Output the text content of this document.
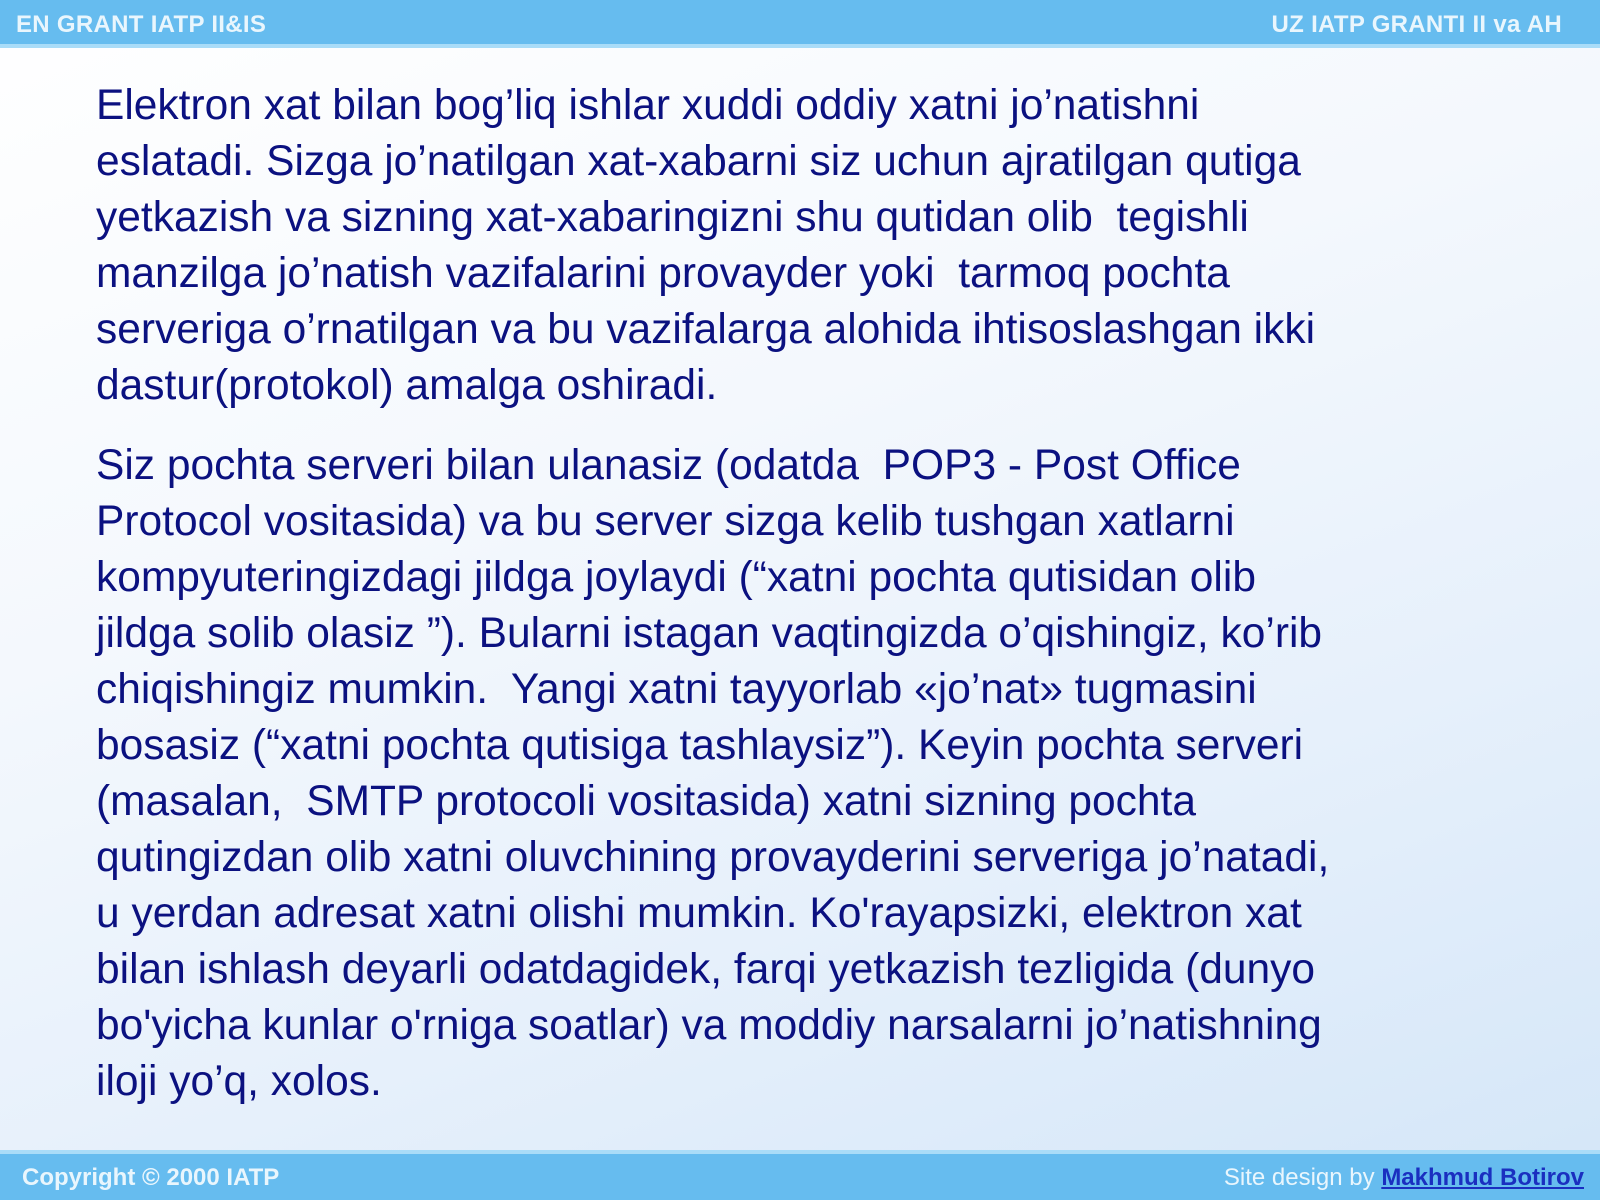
EN GRANT IATP II&IS	UZ IATP GRANTI II va AH

Elektron xat bilan bog’liq ishlar xuddi oddiy xatni jo’natishni
eslatadi. Sizga jo’natilgan xat-xabarni siz uchun ajratilgan qutiga
yetkazish va sizning xat-xabaringizni shu qutidan olib  tegishli
manzilga jo’natish vazifalarini provayder yoki  tarmoq pochta
serveriga o’rnatilgan va bu vazifalarga alohida ihtisoslashgan ikki
dastur(protokol) amalga oshiradi.

Siz pochta serveri bilan ulanasiz (odatda  POP3 - Post Office
Protocol vositasida) va bu server sizga kelib tushgan xatlarni
kompyuteringizdagi jildga joylaydi (“xatni pochta qutisidan olib
jildga solib olasiz ”). Bularni istagan vaqtingizda o’qishingiz, ko’rib
chiqishingiz mumkin.  Yangi xatni tayyorlab «jo’nat» tugmasini
bosasiz (“xatni pochta qutisiga tashlaysiz”). Keyin pochta serveri
(masalan,  SMTP protocoli vositasida) xatni sizning pochta
qutingizdan olib xatni oluvchining provayderini serveriga jo’natadi,
u yerdan adresat xatni olishi mumkin. Ko'rayapsizki, elektron xat
bilan ishlash deyarli odatdagidek, farqi yetkazish tezligida (dunyo
bo'yicha kunlar o'rniga soatlar) va moddiy narsalarni jo’natishning
iloji yo’q, xolos.

Copyright © 2000 IATP	Site design by Makhmud Botirov
